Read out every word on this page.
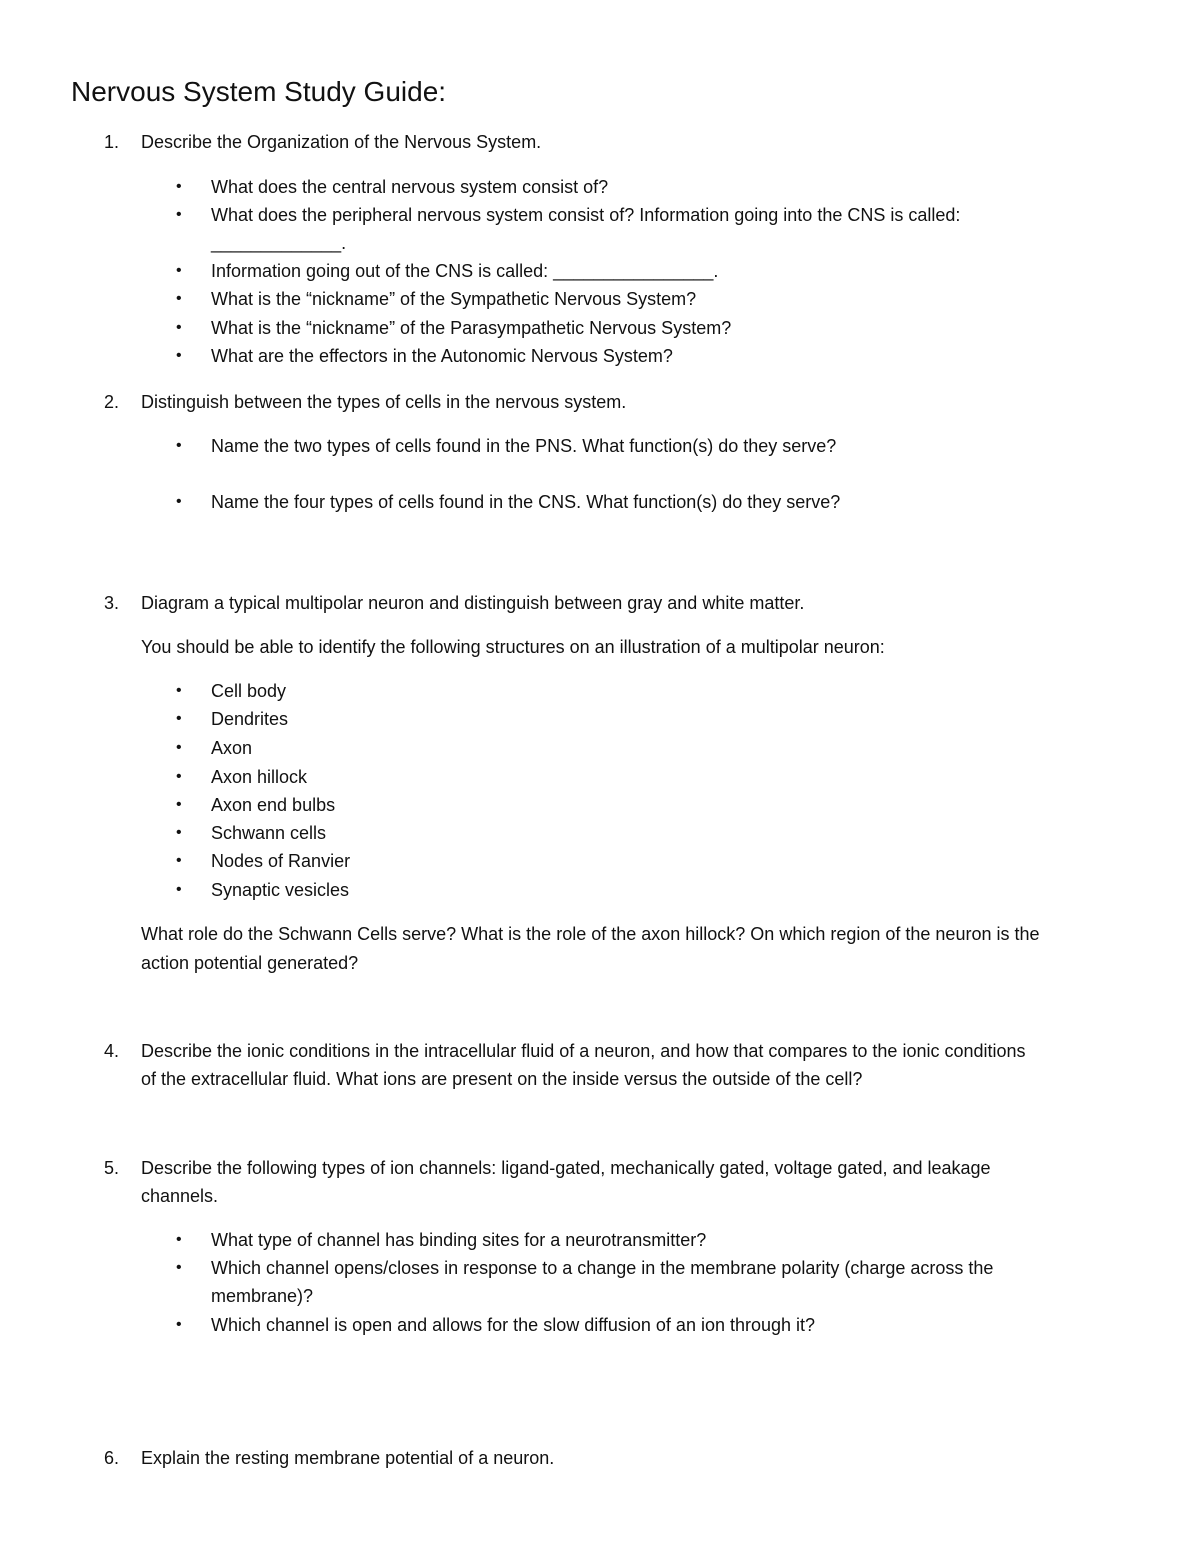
Nervous System Study Guide:
1. Describe the Organization of the Nervous System.
• What does the central nervous system consist of?
• What does the peripheral nervous system consist of? Information going into the CNS is called:
_____________.
• Information going out of the CNS is called: ________________.
• What is the “nickname” of the Sympathetic Nervous System?
• What is the “nickname” of the Parasympathetic Nervous System?
• What are the effectors in the Autonomic Nervous System?
2. Distinguish between the types of cells in the nervous system.
• Name the two types of cells found in the PNS. What function(s) do they serve?
• Name the four types of cells found in the CNS. What function(s) do they serve?
3. Diagram a typical multipolar neuron and distinguish between gray and white matter.
You should be able to identify the following structures on an illustration of a multipolar neuron:
• Cell body
• Dendrites
• Axon
• Axon hillock
• Axon end bulbs
• Schwann cells
• Nodes of Ranvier
• Synaptic vesicles
What role do the Schwann Cells serve? What is the role of the axon hillock? On which region of the neuron is the
action potential generated?
4. Describe the ionic conditions in the intracellular fluid of a neuron, and how that compares to the ionic conditions
of the extracellular fluid. What ions are present on the inside versus the outside of the cell?
5. Describe the following types of ion channels: ligand-gated, mechanically gated, voltage gated, and leakage
channels.
• What type of channel has binding sites for a neurotransmitter?
• Which channel opens/closes in response to a change in the membrane polarity (charge across the
membrane)?
• Which channel is open and allows for the slow diffusion of an ion through it?
6. Explain the resting membrane potential of a neuron.
